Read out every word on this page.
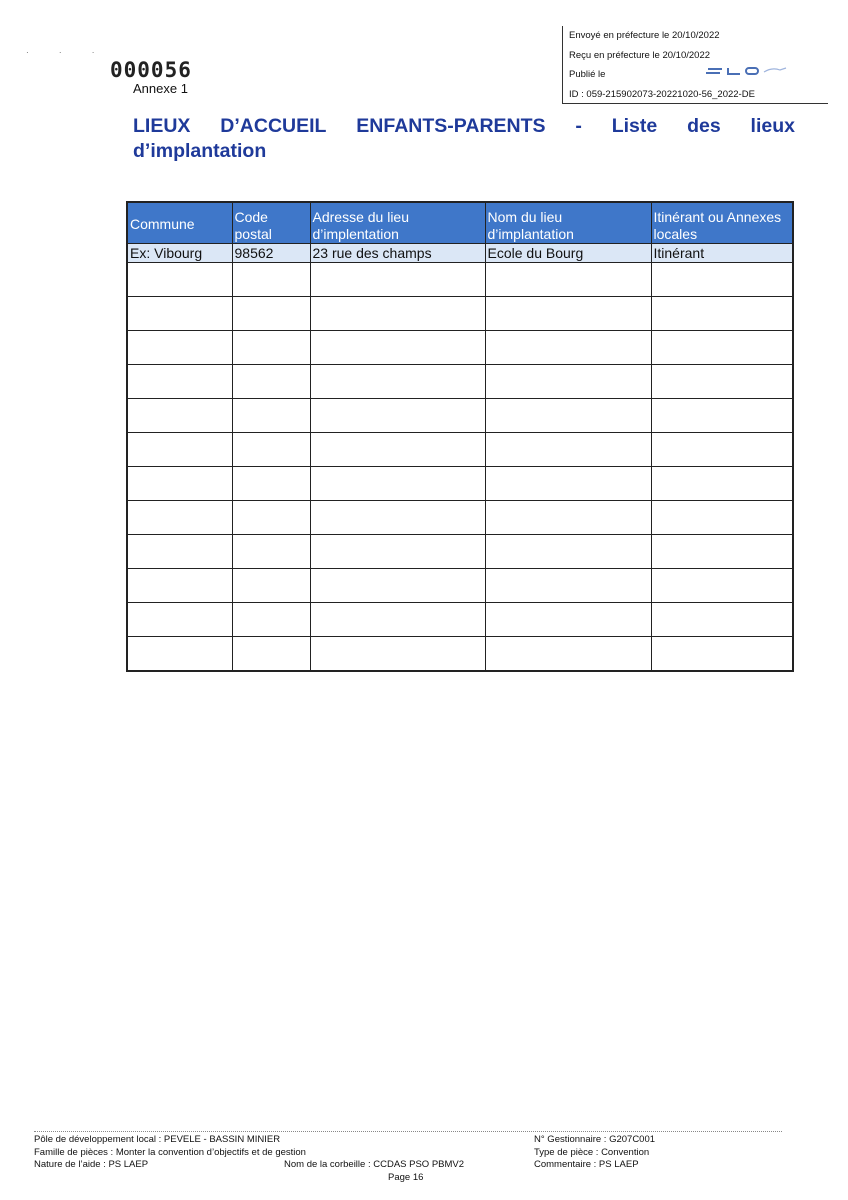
· · ·
Envoyé en préfecture le 20/10/2022
Reçu en préfecture le 20/10/2022
Publié le
ID : 059-215902073-20221020-56_2022-DE
000056
Annexe 1
LIEUX D’ACCUEIL ENFANTS-PARENTS - Liste des lieux
d’implantation
Commune	Code postal	Adresse du lieu d’implentation	Nom du lieu d’implantation	Itinérant ou Annexes locales
Ex: Vibourg	98562	23 rue des champs	Ecole du Bourg	Itinérant

Pôle de développement local : PEVELE - BASSIN MINIER
Famille de pièces : Monter la convention d’objectifs et de gestion
Nature de l’aide : PS LAEP	Nom de la corbeille : CCDAS PSO PBMV2
Page 16
N° Gestionnaire : G207C001
Type de pièce : Convention
Commentaire : PS LAEP
